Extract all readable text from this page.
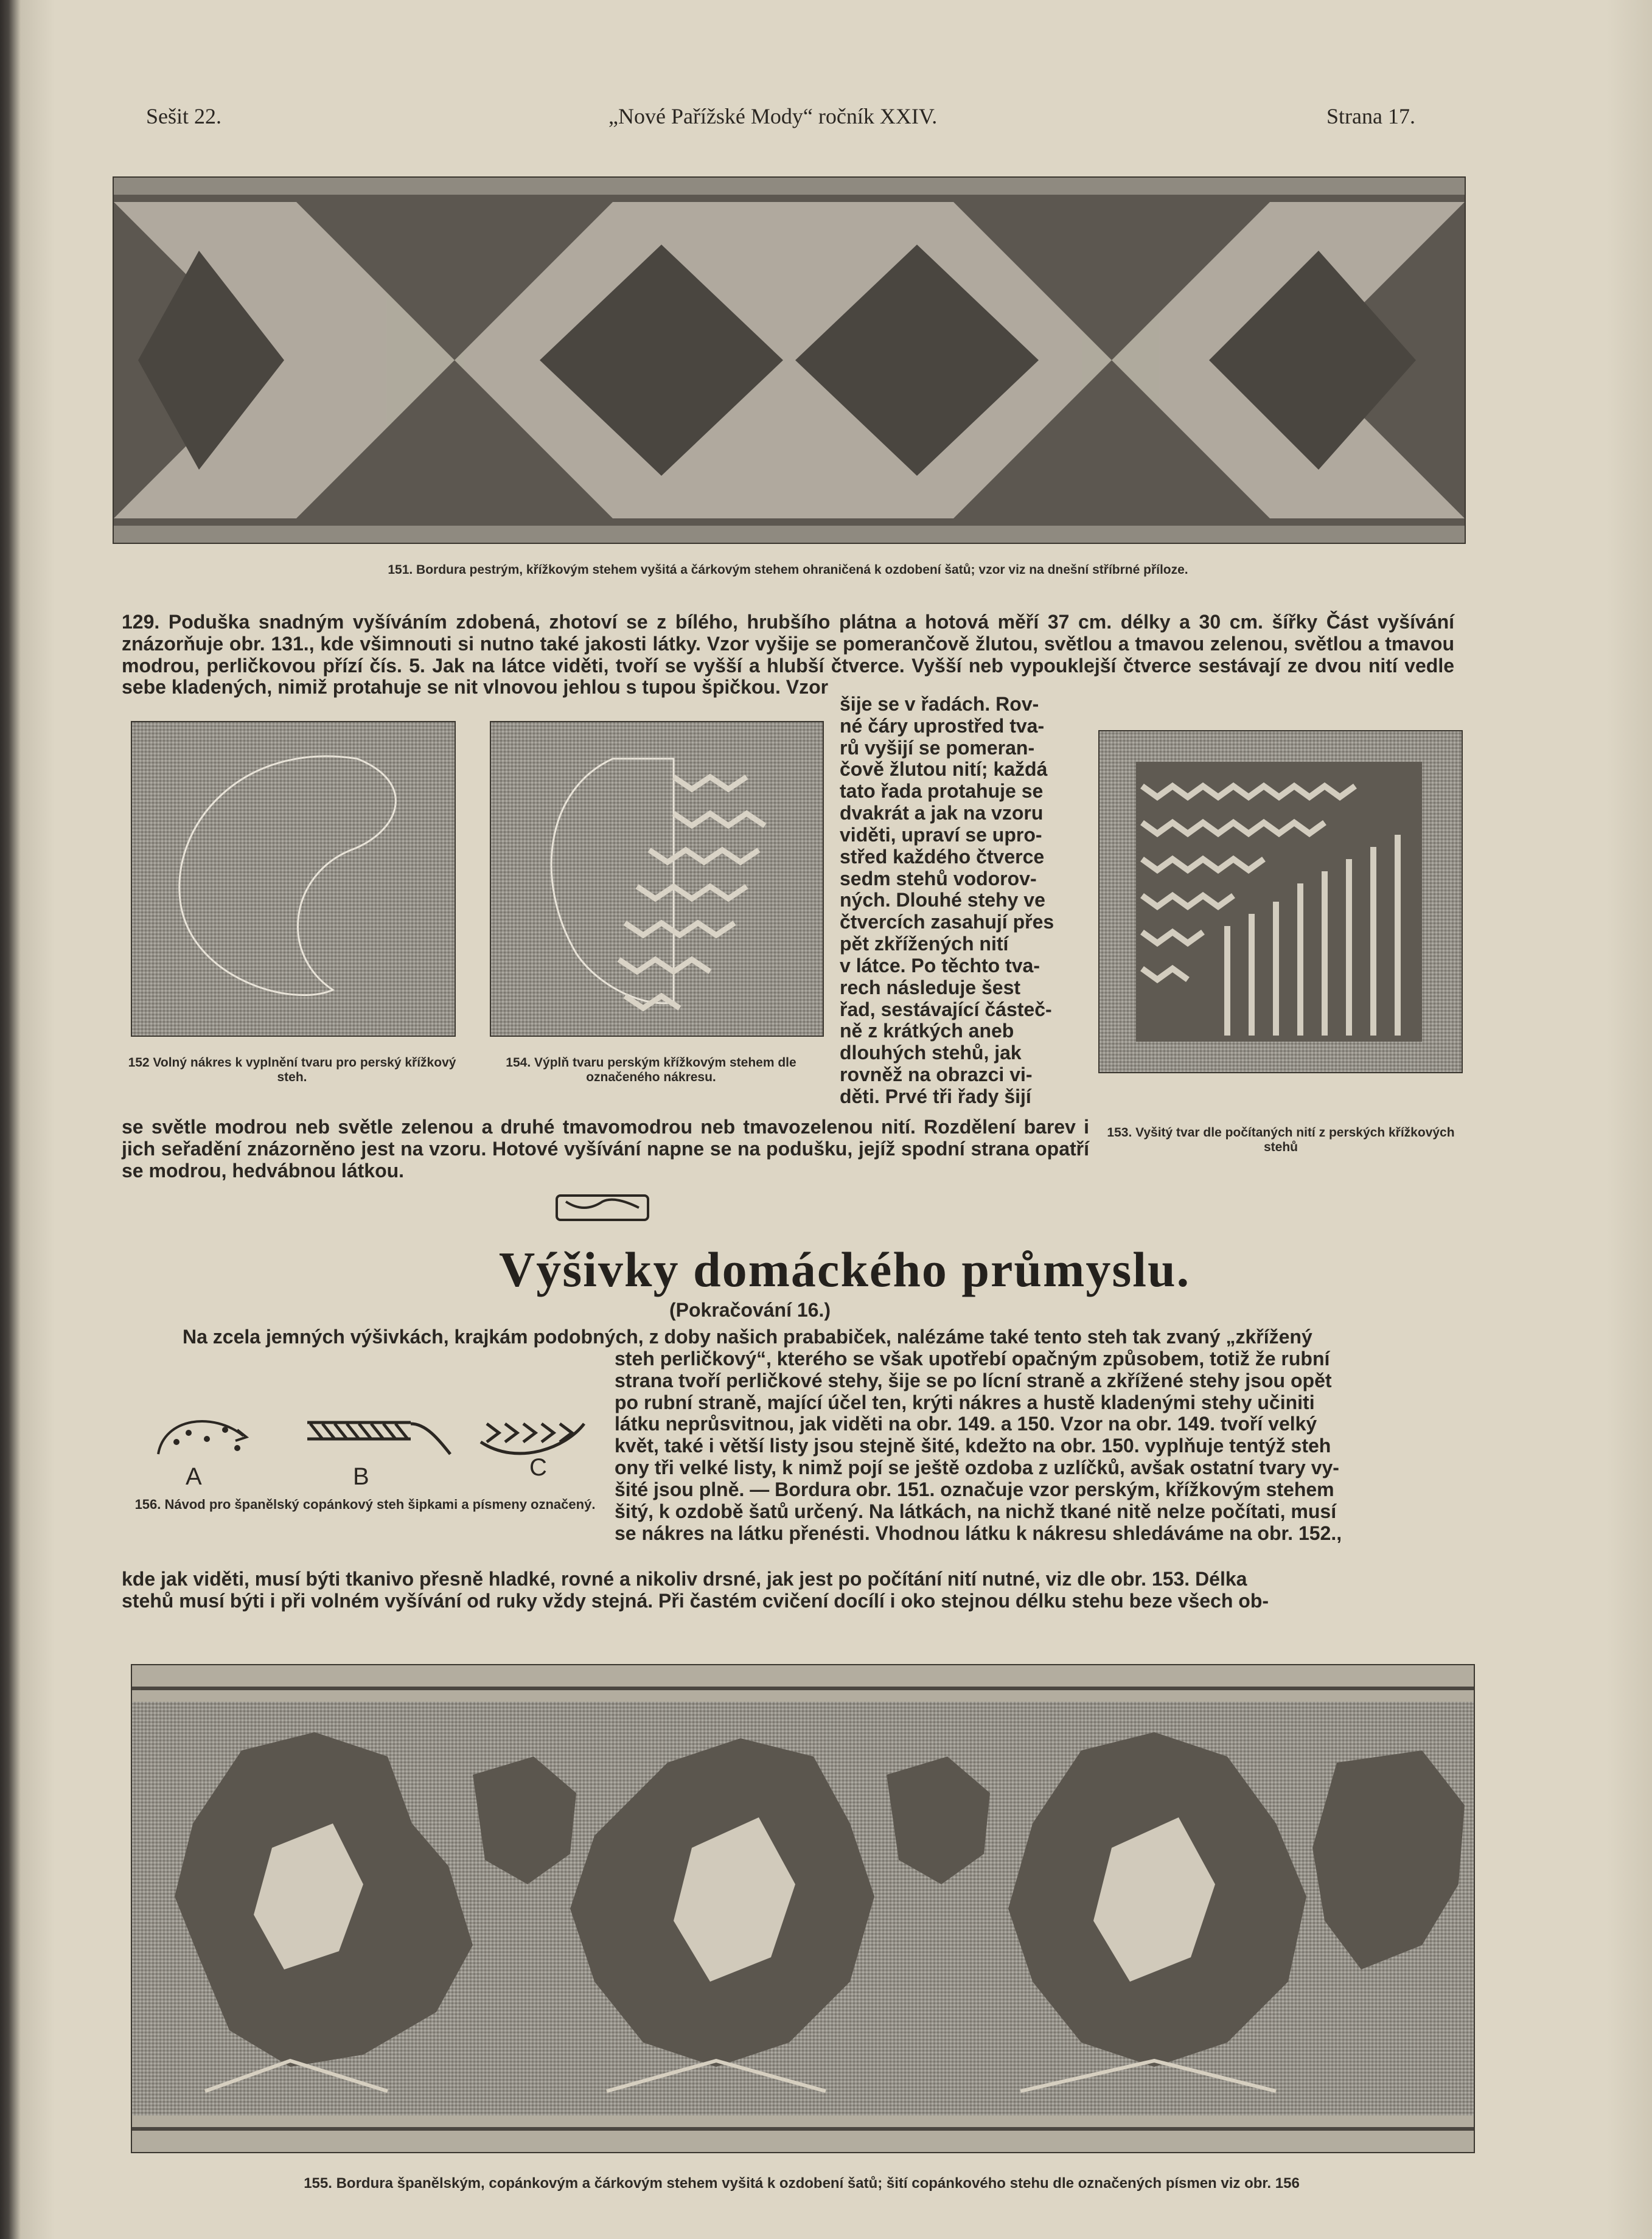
Sešit 22.	„Nové Pařížské Mody“ ročník XXIV.	Strana 17.
151. Bordura pestrým, křížkovým stehem vyšitá a čárkovým stehem ohraničená k ozdobení šatů; vzor viz na dnešní stříbrné příloze.
129. Poduška snadným vyšíváním zdobená, zhotoví se z bílého, hrubšího plátna a hotová měří 37 cm. délky a 30 cm. šířky Část vyšívání znázorňuje obr. 131., kde všimnouti si nutno také jakosti látky. Vzor vyšije se pomerančově žlutou, světlou a tmavou zelenou, světlou a tmavou modrou, perličkovou přízí čís. 5. Jak na látce viděti, tvoří se vyšší a hlubší čtverce. Vyšší neb vypouklejší čtverce sestávají ze dvou nití vedle sebe kladených, nimiž protahuje se nit vlnovou jehlou s tupou špičkou. Vzor
152 Volný nákres k vyplnění tvaru pro perský křížkový steh.
154. Výplň tvaru perským křížkovým stehem dle označeného nákresu.
šije se v řadách. Rov-
né čáry uprostřed tva-
rů vyšijí se pomeran-
čově žlutou nití; každá
tato řada protahuje se
dvakrát a jak na vzoru
viděti, upraví se upro-
střed každého čtverce
sedm stehů vodorov-
ných. Dlouhé stehy ve
čtvercích zasahují přes
pět zkřížených nití
v látce. Po těchto tva-
rech následuje šest
řad, sestávající částeč-
ně z krátkých aneb
dlouhých stehů, jak
rovněž na obrazci vi-
děti. Prvé tři řady šijí
153. Vyšitý tvar dle počítaných nití z perských křížkových stehů
se světle modrou neb světle zelenou a druhé tmavomodrou neb tmavozelenou nití. Rozdělení barev i jich seřadění znázorněno jest na vzoru. Hotové vyšívání napne se na podušku, jejíž spodní strana opatří se modrou, hedvábnou látkou.
Výšivky domáckého průmyslu.
(Pokračování 16.)
Na zcela jemných výšivkách, krajkám podobných, z doby našich prababiček, nalézáme také tento steh tak zvaný „zkřížený
A	B	C
156. Návod pro španělský copánkový steh šipkami a písmeny označený.
steh perličkový“, kterého se však upotřebí opačným způsobem, totiž že rubní
strana tvoří perličkové stehy, šije se po lícní straně a zkřížené stehy jsou opět
po rubní straně, mající účel ten, krýti nákres a hustě kladenými stehy učiniti
látku neprůsvitnou, jak viděti na obr. 149. a 150. Vzor na obr. 149. tvoří velký
květ, také i větší listy jsou stejně šité, kdežto na obr. 150. vyplňuje tentýž steh
ony tři velké listy, k nimž pojí se ještě ozdoba z uzlíčků, avšak ostatní tvary vy-
šité jsou plně. — Bordura obr. 151. označuje vzor perským, křížkovým stehem
šitý, k ozdobě šatů určený. Na látkách, na nichž tkané nitě nelze počítati, musí
se nákres na látku přenésti. Vhodnou látku k nákresu shledáváme na obr. 152.,
kde jak viděti, musí býti tkanivo přesně hladké, rovné a nikoliv drsné, jak jest po počítání nití nutné, viz dle obr. 153. Délka
stehů musí býti i při volném vyšívání od ruky vždy stejná. Při častém cvičení docílí i oko stejnou délku stehu beze všech ob-
155. Bordura španělským, copánkovým a čárkovým stehem vyšitá k ozdobení šatů; šití copánkového stehu dle označených písmen viz obr. 156
